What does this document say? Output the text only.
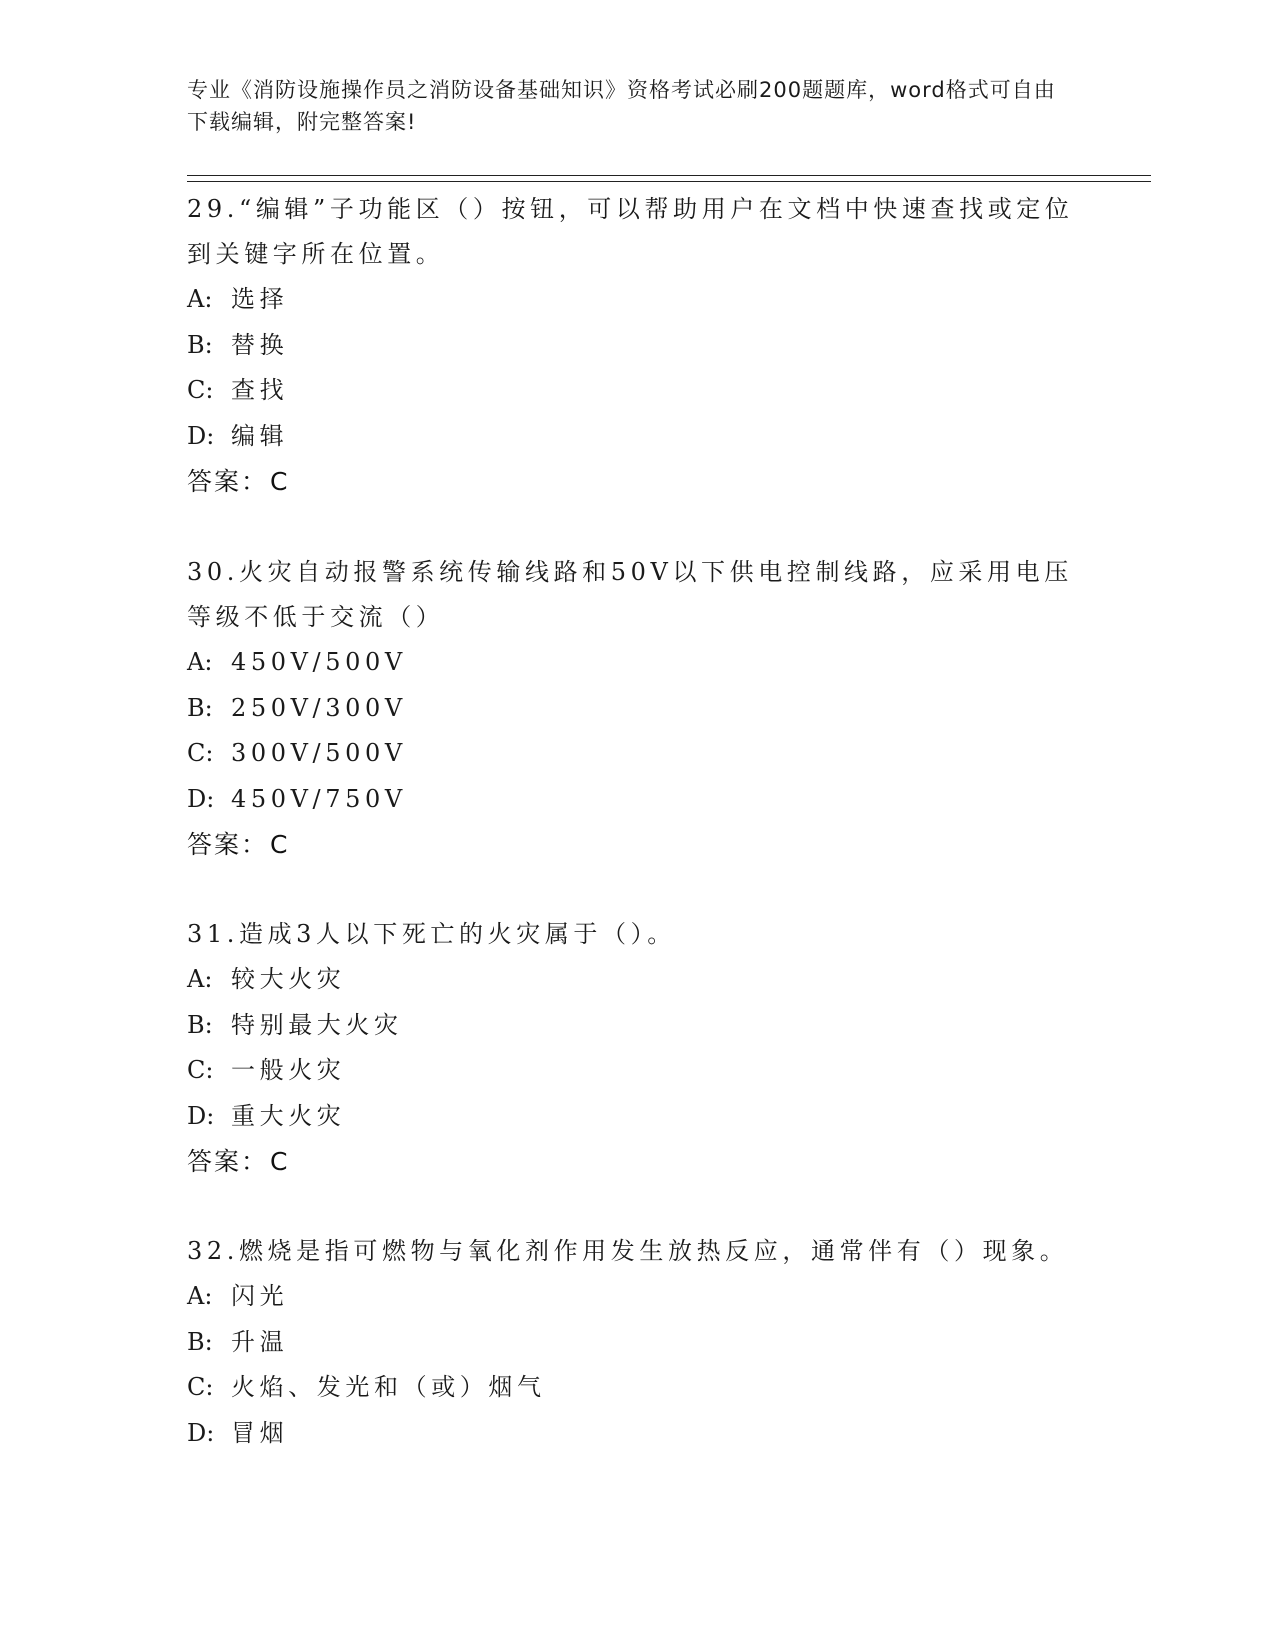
专业《消防设施操作员之消防设备基础知识》资格考试必刷200题题库，word格式可自由下载编辑，附完整答案!

29.“编辑”子功能区（）按钮，可以帮助用户在文档中快速查找或定位到关键字所在位置。

A: 选择
B: 替换
C: 查找
D: 编辑
答案：C

30.火灾自动报警系统传输线路和50V以下供电控制线路，应采用电压等级不低于交流（）

A: 450V/500V
B: 250V/300V
C: 300V/500V
D: 450V/750V
答案：C

31.造成3人以下死亡的火灾属于（）。

A: 较大火灾
B: 特别最大火灾
C: 一般火灾
D: 重大火灾
答案：C

32.燃烧是指可燃物与氧化剂作用发生放热反应，通常伴有（）现象。

A: 闪光
B: 升温
C: 火焰、发光和（或）烟气
D: 冒烟
